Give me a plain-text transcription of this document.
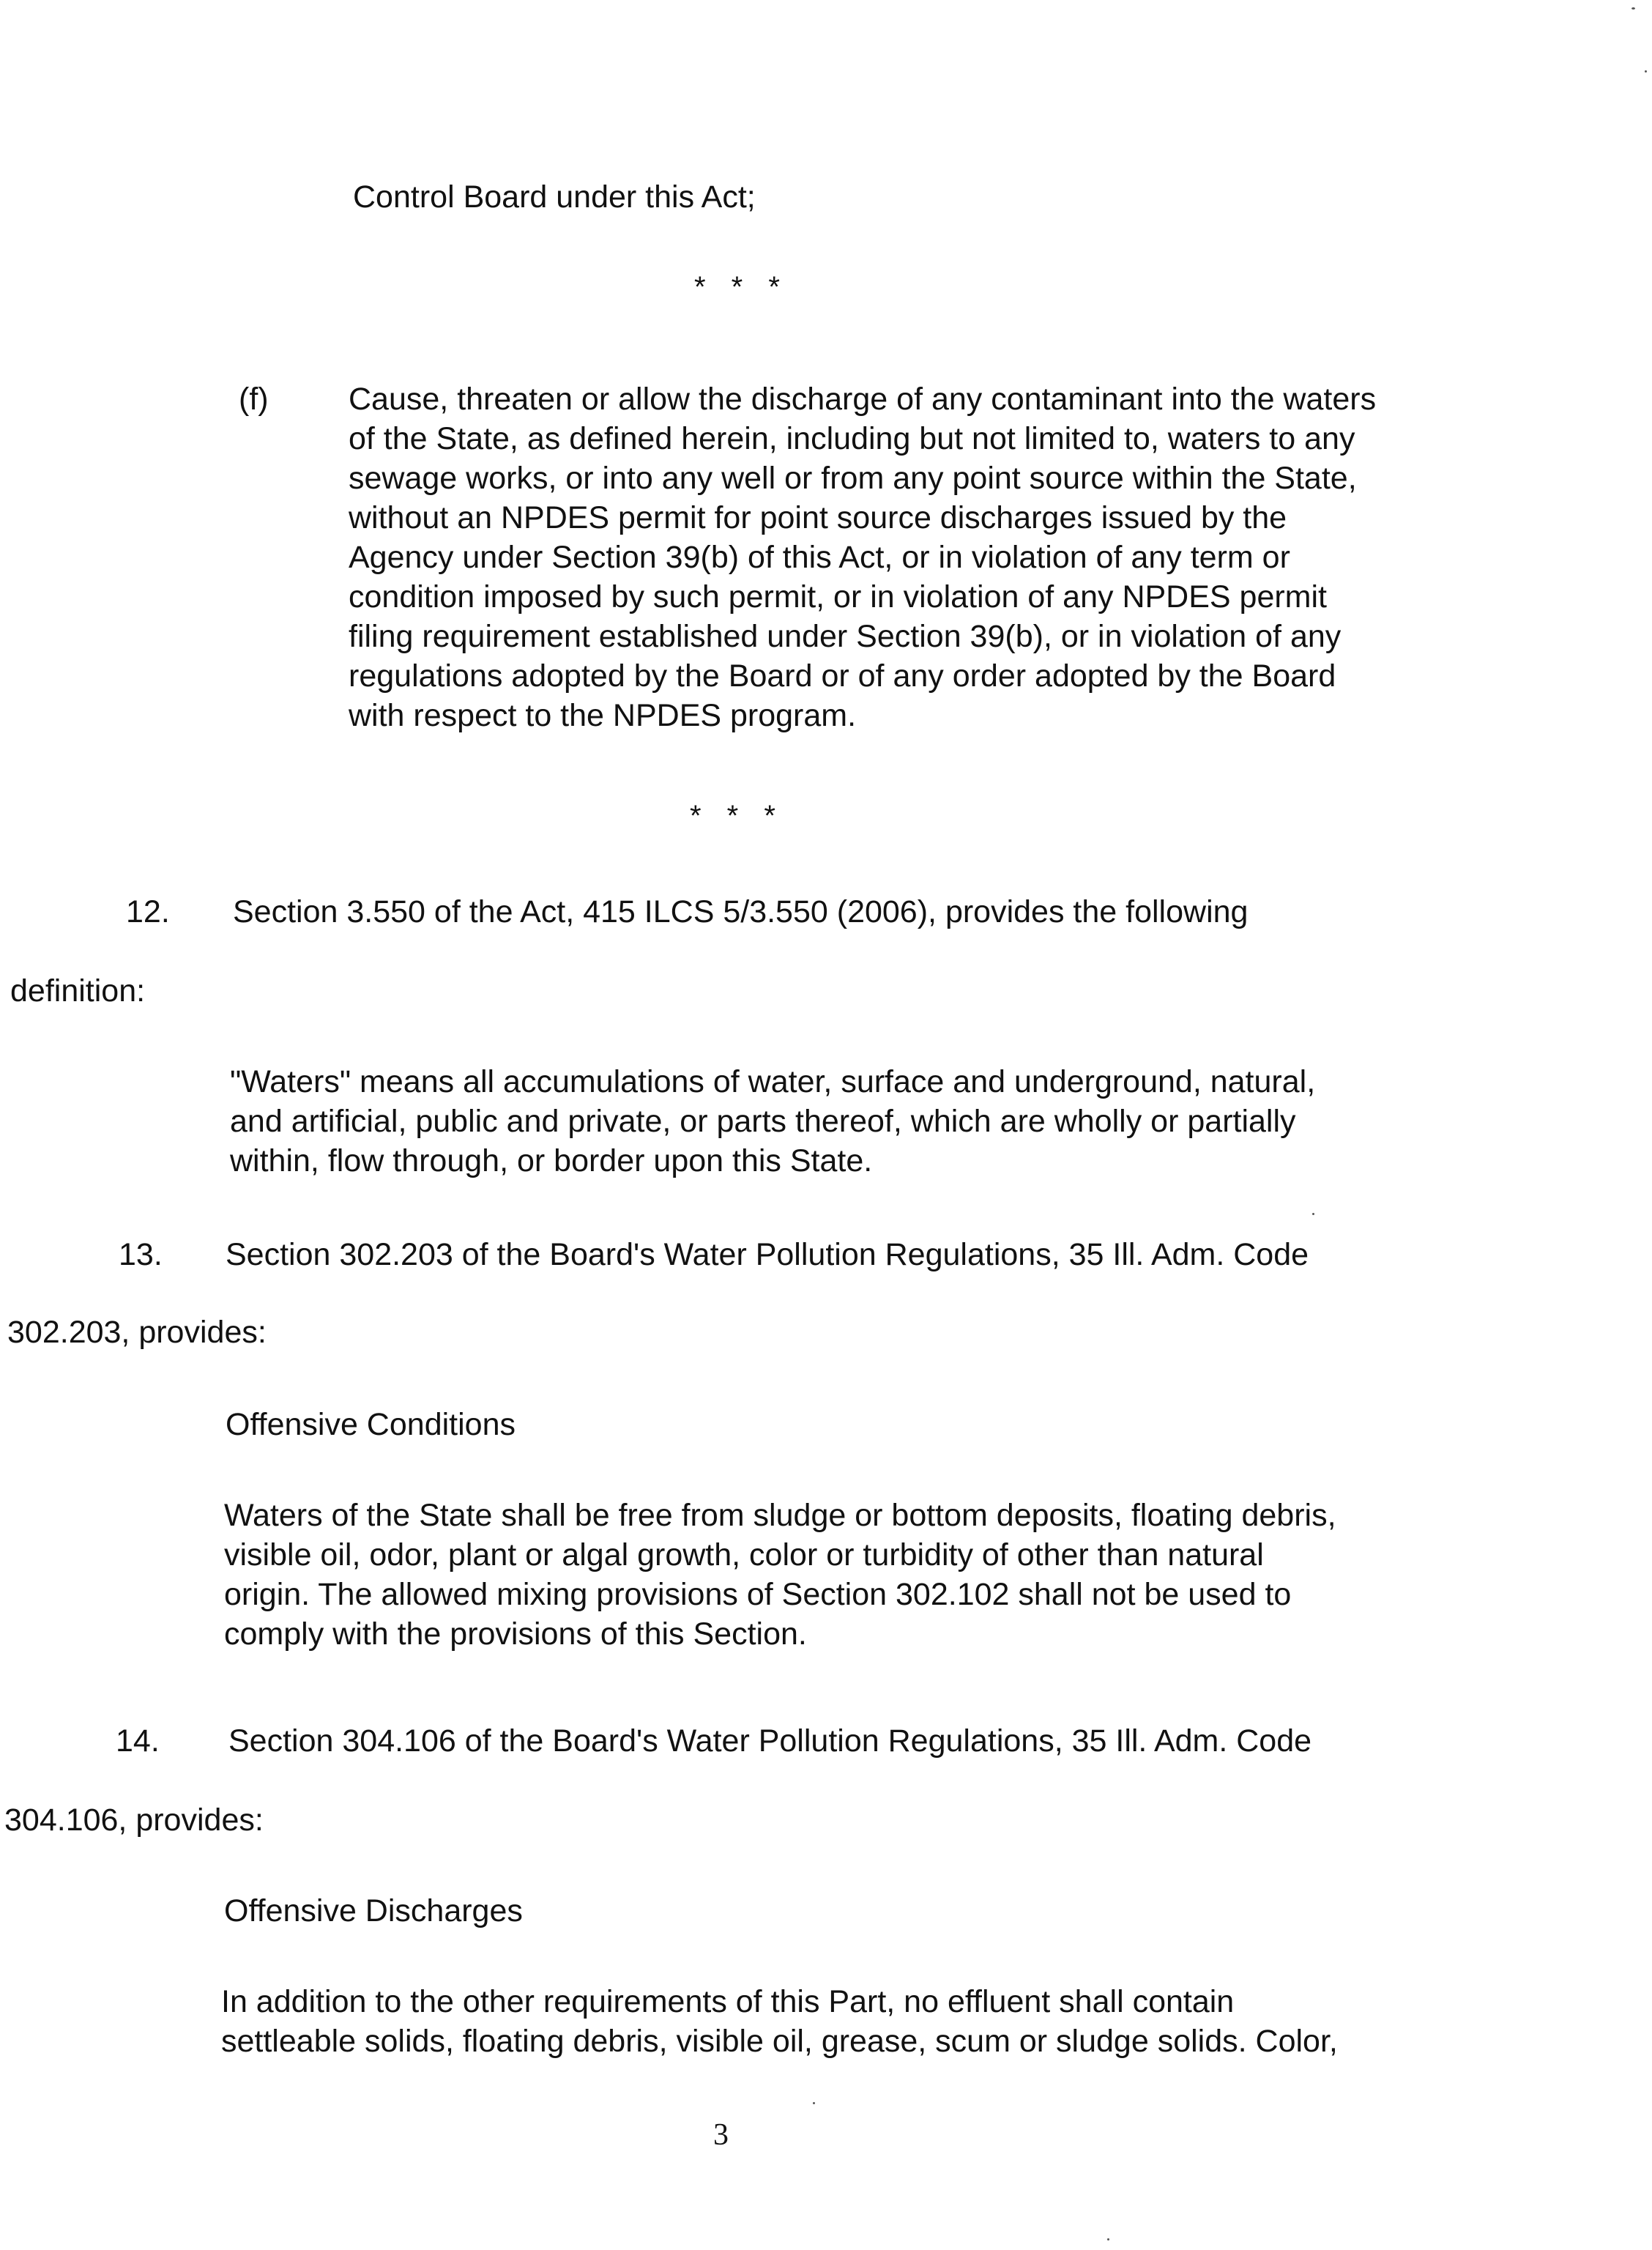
Control Board under this Act;

* * *

(f)	Cause, threaten or allow the discharge of any contaminant into the waters
of the State, as defined herein, including but not limited to, waters to any
sewage works, or into any well or from any point source within the State,
without an NPDES permit for point source discharges issued by the
Agency under Section 39(b) of this Act, or in violation of any term or
condition imposed by such permit, or in violation of any NPDES permit
filing requirement established under Section 39(b), or in violation of any
regulations adopted by the Board or of any order adopted by the Board
with respect to the NPDES program.

* * *

12. Section 3.550 of the Act, 415 ILCS 5/3.550 (2006), provides the following

definition:

"Waters" means all accumulations of water, surface and underground, natural,
and artificial, public and private, or parts thereof, which are wholly or partially
within, flow through, or border upon this State.

13. Section 302.203 of the Board's Water Pollution Regulations, 35 Ill. Adm. Code

302.203, provides:

Offensive Conditions

Waters of the State shall be free from sludge or bottom deposits, floating debris,
visible oil, odor, plant or algal growth, color or turbidity of other than natural
origin. The allowed mixing provisions of Section 302.102 shall not be used to
comply with the provisions of this Section.

14. Section 304.106 of the Board's Water Pollution Regulations, 35 Ill. Adm. Code

304.106, provides:

Offensive Discharges

In addition to the other requirements of this Part, no effluent shall contain
settleable solids, floating debris, visible oil, grease, scum or sludge solids. Color,

3
